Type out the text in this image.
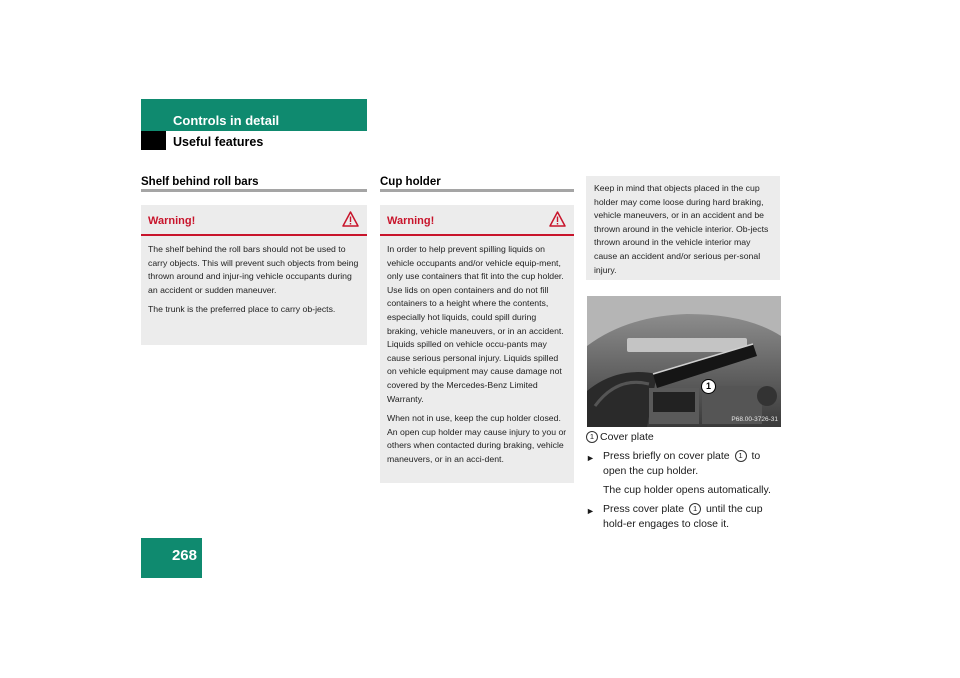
Controls in detail
Useful features
Shelf behind roll bars
Warning!

The shelf behind the roll bars should not be used to carry objects. This will prevent such objects from being thrown around and injur-ing vehicle occupants during an accident or sudden maneuver.

The trunk is the preferred place to carry ob-jects.

Cup holder
Warning!

In order to help prevent spilling liquids on vehicle occupants and/or vehicle equip-ment, only use containers that fit into the cup holder. Use lids on open containers and do not fill containers to a height where the contents, especially hot liquids, could spill during braking, vehicle maneuvers, or in an accident. Liquids spilled on vehicle occu-pants may cause serious personal injury. Liquids spilled on vehicle equipment may cause damage not covered by the Mercedes-Benz Limited Warranty.

When not in use, keep the cup holder closed. An open cup holder may cause injury to you or others when contacted during braking, vehicle maneuvers, or in an acci-dent.

Keep in mind that objects placed in the cup holder may come loose during hard braking, vehicle maneuvers, or in an accident and be thrown around in the vehicle interior. Ob-jects thrown around in the vehicle interior may cause an accident and/or serious per-sonal injury.
1
P68.00-3726-31
1 Cover plate
► Press briefly on cover plate 1 to open the cup holder.
The cup holder opens automatically.
► Press cover plate 1 until the cup hold-er engages to close it.
268
